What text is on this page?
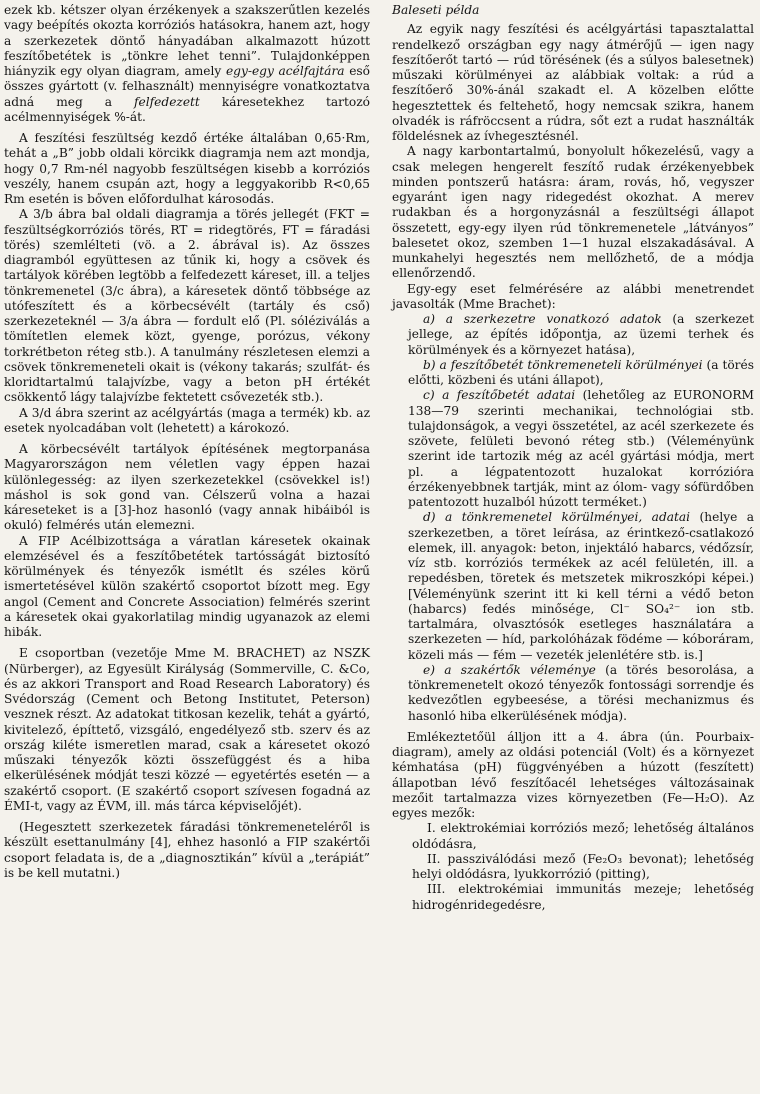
ezek kb. kétszer olyan érzékenyek a szakszerűtlen kezelés vagy beépítés okozta korróziós hatásokra, hanem azt, hogy a szerkezetek döntő hányadában alkalmazott húzott feszítőbetétek is „tönkre lehet tenni”. Tulajdonképpen hiányzik egy olyan diagram, amely egy-egy acélfajtára eső összes gyártott (v. felhasznált) mennyiségre vonatkoztatva adná meg a felfedezett káresetekhez tartozó acélmennyiségek %-át.

A feszítési feszültség kezdő értéke általában 0,65·Rm, tehát a „B” jobb oldali körcikk diagramja nem azt mondja, hogy 0,7 Rm-nél nagyobb feszültségen kisebb a korróziós veszély, hanem csupán azt, hogy a leggyakoribb R<0,65 Rm esetén is bőven előfordulhat károsodás.

A 3/b ábra bal oldali diagramja a törés jellegét (FKT = feszültségkorróziós törés, RT = ridegtörés, FT = fáradási törés) szemlélteti (vö. a 2. ábrával is). Az összes diagramból együttesen az tűnik ki, hogy a csövek és tartályok körében legtöbb a felfedezett káreset, ill. a teljes tönkremenetel (3/c ábra), a káresetek döntő többsége az utófeszített és a körbecsévélt (tartály és cső) szerkezeteknél — 3/a ábra — fordult elő (Pl. sóléziválás a tömítetlen elemek közt, gyenge, porózus, vékony torkrétbeton réteg stb.). A tanulmány részletesen elemzi a csövek tönkremeneteli okait is (vékony takarás; szulfát- és kloridtartalmú talajvízbe, vagy a beton pH értékét csökkentő lágy talajvízbe fektetett csővezeték stb.).

A 3/d ábra szerint az acélgyártás (maga a termék) kb. az esetek nyolcadában volt (lehetett) a károkozó.

A körbecsévélt tartályok építésének megtorpanása Magyarországon nem véletlen vagy éppen hazai különlegesség: az ilyen szerkezetekkel (csövekkel is!) máshol is sok gond van. Célszerű volna a hazai káreseteket is a [3]-hoz hasonló (vagy annak hibáiból is okuló) felmérés után elemezni.

A FIP Acélbizottsága a váratlan káresetek okainak elemzésével és a feszítőbetétek tartósságát biztosító körülmények és tényezők ismétlt és széles körű ismertetésével külön szakértő csoportot bízott meg. Egy angol (Cement and Concrete Association) felmérés szerint a káresetek okai gyakorlatilag mindig ugyanazok az elemi hibák.

E csoportban (vezetője Mme M. BRACHET) az NSZK (Nürberger), az Egyesült Királyság (Sommerville, C. &Co, és az akkori Transport and Road Research Laboratory) és Svédország (Cement och Betong Institutet, Peterson) vesznek részt. Az adatokat titkosan kezelik, tehát a gyártó, kivitelező, építtető, vizsgáló, engedélyező stb. szerv és az ország kiléte ismeretlen marad, csak a káresetet okozó műszaki tényezők közti összefüggést és a hiba elkerülésének módját teszi közzé — egyetértés esetén — a szakértő csoport. (E szakértő csoport szívesen fogadná az ÉMI-t, vagy az ÉVM, ill. más tárca képviselőjét).

(Hegesztett szerkezetek fáradási tönkremeneteléről is készült esettanulmány [4], ehhez hasonló a FIP szakértői csoport feladata is, de a „diagnosztikán” kívül a „terápiát” is be kell mutatni.)

Baleseti példa

Az egyik nagy feszítési és acélgyártási tapasztalattal rendelkező országban egy nagy átmérőjű — igen nagy feszítőerőt tartó — rúd törésének (és a súlyos balesetnek) műszaki körülményei az alábbiak voltak: a rúd a feszítőerő 30%-ánál szakadt el. A közelben előtte hegesztettek és feltehető, hogy nemcsak szikra, hanem olvadék is ráfröccsent a rúdra, sőt ezt a rudat használták földelésnek az ívhegesztésnél.

A nagy karbontartalmú, bonyolult hőkezelésű, vagy a csak melegen hengerelt feszítő rudak érzékenyebbek minden pontszerű hatásra: áram, rovás, hő, vegyszer egyaránt igen nagy ridegedést okozhat. A merev rudakban és a horgonyzásnál a feszültségi állapot összetett, egy-egy ilyen rúd tönkremenetele „látványos” balesetet okoz, szemben 1—1 huzal elszakadásával. A munkahelyi hegesztés nem mellőzhető, de a módja ellenőrzendő.

Egy-egy eset felmérésére az alábbi menetrendet javasolták (Mme Brachet):

a) a szerkezetre vonatkozó adatok (a szerkezet jellege, az építés időpontja, az üzemi terhek és körülmények és a környezet hatása),

b) a feszítőbetét tönkremeneteli körülményei (a törés előtti, közbeni és utáni állapot),

c) a feszítőbetét adatai (lehetőleg az EURONORM 138—79 szerinti mechanikai, technológiai stb. tulajdonságok, a vegyi összetétel, az acél szerkezete és szövete, felületi bevonó réteg stb.) (Véleményünk szerint ide tartozik még az acél gyártási módja, mert pl. a légpatentozott huzalokat korrózióra érzékenyebbnek tartják, mint az ólom- vagy sófürdőben patentozott huzalból húzott terméket.)

d) a tönkremenetel körülményei, adatai (helye a szerkezetben, a töret leírása, az érintkező-csatlakozó elemek, ill. anyagok: beton, injektáló habarcs, védőzsír, víz stb. korróziós termékek az acél felületén, ill. a repedésben, töretek és metszetek mikroszkópi képei.) [Véleményünk szerint itt ki kell térni a védő beton (habarcs) fedés minősége, Cl⁻ SO₄²⁻ ion stb. tartalmára, olvasztósók esetleges használatára a szerkezeten — híd, parkolóházak födéme — kóboráram, közeli más — fém — vezeték jelenlétére stb. is.]

e) a szakértők véleménye (a törés besorolása, a tönkremenetelt okozó tényezők fontossági sorrendje és kedvezőtlen egybeesése, a törési mechanizmus és hasonló hiba elkerülésének módja).

Emlékeztetőül álljon itt a 4. ábra (ún. Pourbaix-diagram), amely az oldási potenciál (Volt) és a környezet kémhatása (pH) függvényében a húzott (feszített) állapotban lévő feszítőacél lehetséges változásainak mezőit tartalmazza vizes környezetben (Fe—H₂O). Az egyes mezők:

I. elektrokémiai korróziós mező; lehetőség általános oldódásra,

II. passziválódási mező (Fe₂O₃ bevonat); lehetőség helyi oldódásra, lyukkorrózió (pitting),

III. elektrokémiai immunitás mezeje; lehetőség hidrogénridegedésre,
